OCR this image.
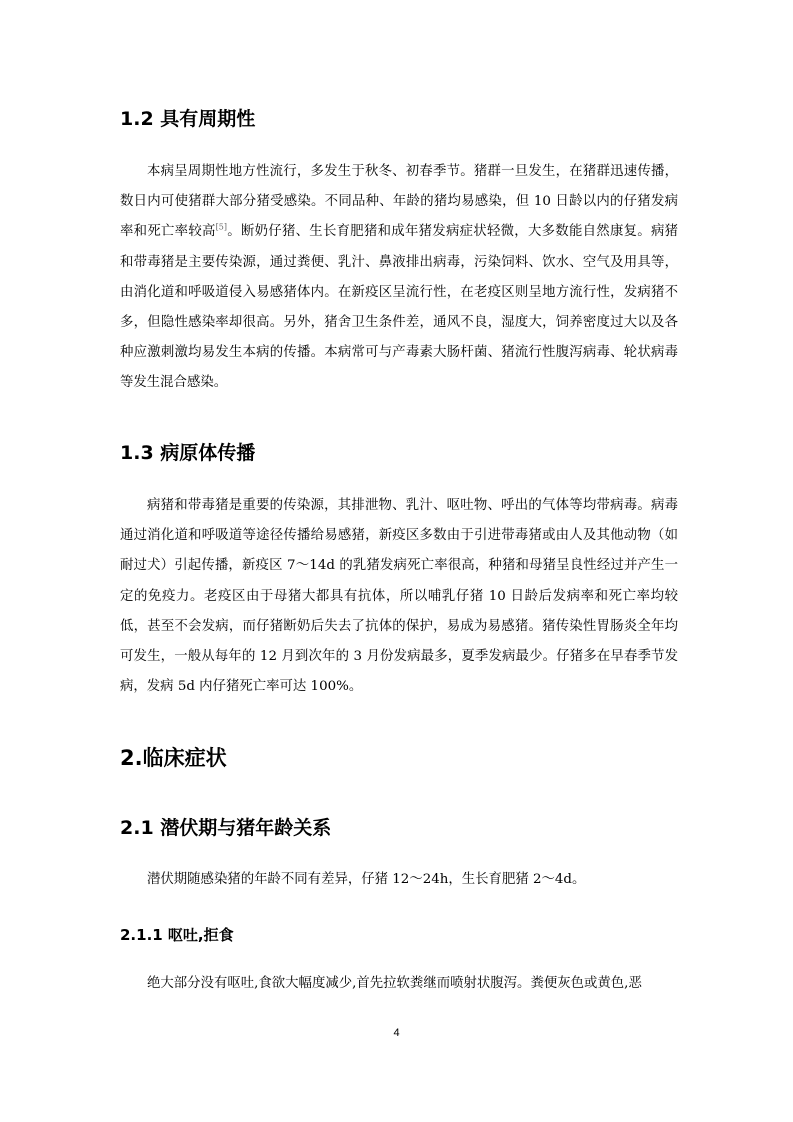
1.2 具有周期性

本病呈周期性地方性流行，多发生于秋冬、初春季节。猪群一旦发生，在猪群迅速传播，数日内可使猪群大部分猪受感染。不同品种、年龄的猪均易感染，但 10 日龄以内的仔猪发病率和死亡率较高[5]。断奶仔猪、生长育肥猪和成年猪发病症状轻微，大多数能自然康复。病猪和带毒猪是主要传染源，通过粪便、乳汁、鼻液排出病毒，污染饲料、饮水、空气及用具等，由消化道和呼吸道侵入易感猪体内。在新疫区呈流行性，在老疫区则呈地方流行性，发病猪不多，但隐性感染率却很高。另外，猪舍卫生条件差，通风不良，湿度大，饲养密度过大以及各种应激刺激均易发生本病的传播。本病常可与产毒素大肠杆菌、猪流行性腹泻病毒、轮状病毒等发生混合感染。

1.3 病原体传播

病猪和带毒猪是重要的传染源，其排泄物、乳汁、呕吐物、呼出的气体等均带病毒。病毒通过消化道和呼吸道等途径传播给易感猪，新疫区多数由于引进带毒猪或由人及其他动物（如耐过犬）引起传播，新疫区 7～14d 的乳猪发病死亡率很高，种猪和母猪呈良性经过并产生一定的免疫力。老疫区由于母猪大都具有抗体，所以哺乳仔猪 10 日龄后发病率和死亡率均较低，甚至不会发病，而仔猪断奶后失去了抗体的保护，易成为易感猪。猪传染性胃肠炎全年均可发生，一般从每年的 12 月到次年的 3 月份发病最多，夏季发病最少。仔猪多在早春季节发病，发病 5d 内仔猪死亡率可达 100%。

2.临床症状
2.1 潜伏期与猪年龄关系

潜伏期随感染猪的年龄不同有差异，仔猪 12～24h，生长育肥猪 2～4d。

2.1.1 呕吐,拒食

绝大部分没有呕吐,食欲大幅度减少,首先拉软粪继而喷射状腹泻。粪便灰色或黄色,恶

4
